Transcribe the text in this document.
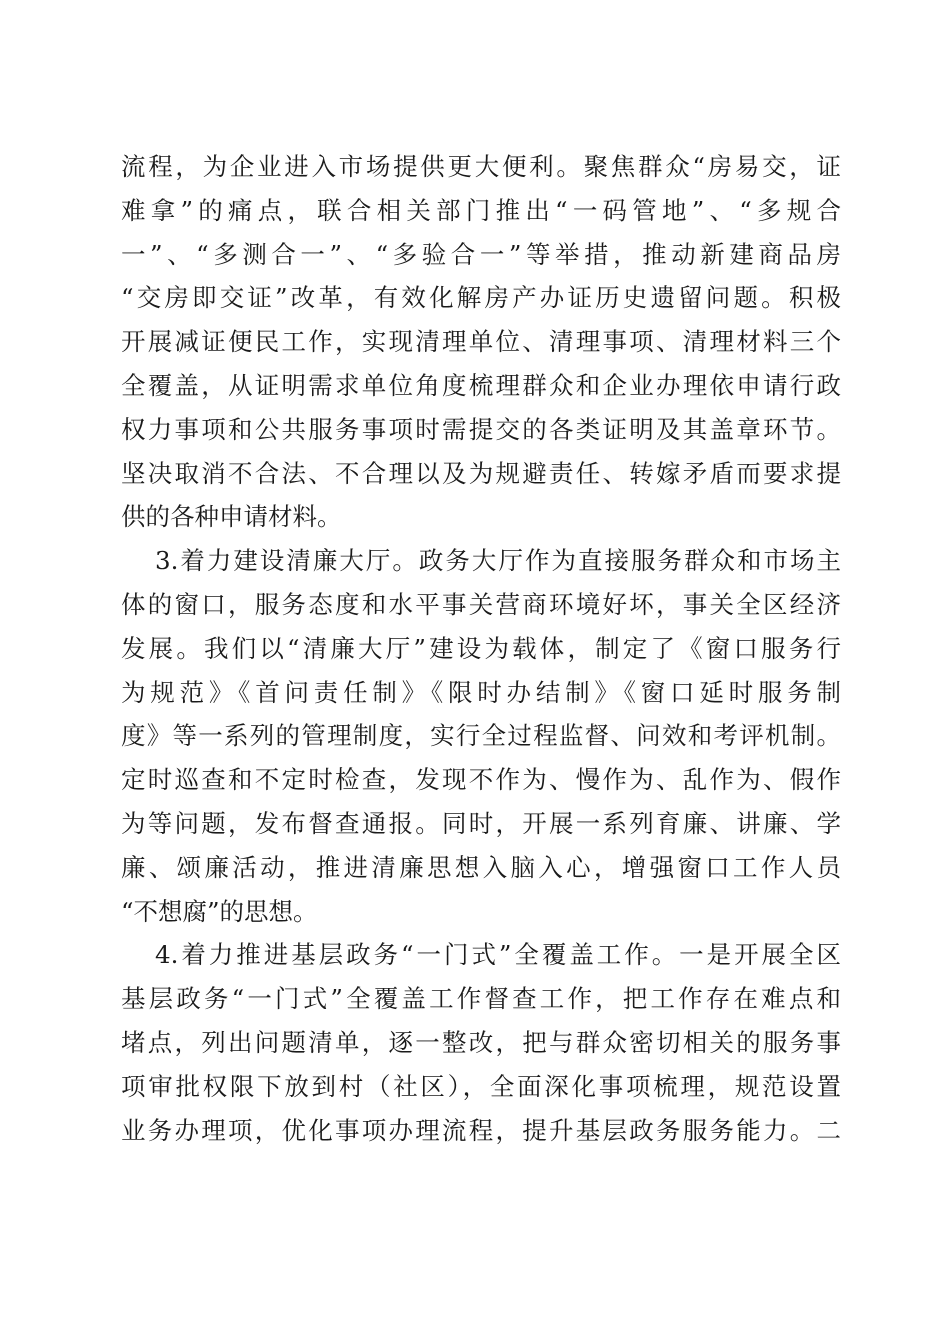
流程，为企业进入市场提供更大便利。聚焦群众“房易交，证
难拿”的痛点，联合相关部门推出“一码管地”、“多规合
一”、“多测合一”、“多验合一”等举措，推动新建商品房
“交房即交证”改革，有效化解房产办证历史遗留问题。积极
开展减证便民工作，实现清理单位、清理事项、清理材料三个
全覆盖，从证明需求单位角度梳理群众和企业办理依申请行政
权力事项和公共服务事项时需提交的各类证明及其盖章环节。
坚决取消不合法、不合理以及为规避责任、转嫁矛盾而要求提
供的各种申请材料。
3.着力建设清廉大厅。政务大厅作为直接服务群众和市场主
体的窗口，服务态度和水平事关营商环境好坏，事关全区经济
发展。我们以“清廉大厅”建设为载体，制定了《窗口服务行
为规范》《首问责任制》《限时办结制》《窗口延时服务制
度》等一系列的管理制度，实行全过程监督、问效和考评机制。
定时巡查和不定时检查，发现不作为、慢作为、乱作为、假作
为等问题，发布督查通报。同时，开展一系列育廉、讲廉、学
廉、颂廉活动，推进清廉思想入脑入心，增强窗口工作人员
“不想腐”的思想。
4.着力推进基层政务“一门式”全覆盖工作。一是开展全区
基层政务“一门式”全覆盖工作督查工作，把工作存在难点和
堵点，列出问题清单，逐一整改，把与群众密切相关的服务事
项审批权限下放到村（社区），全面深化事项梳理，规范设置
业务办理项，优化事项办理流程，提升基层政务服务能力。二
